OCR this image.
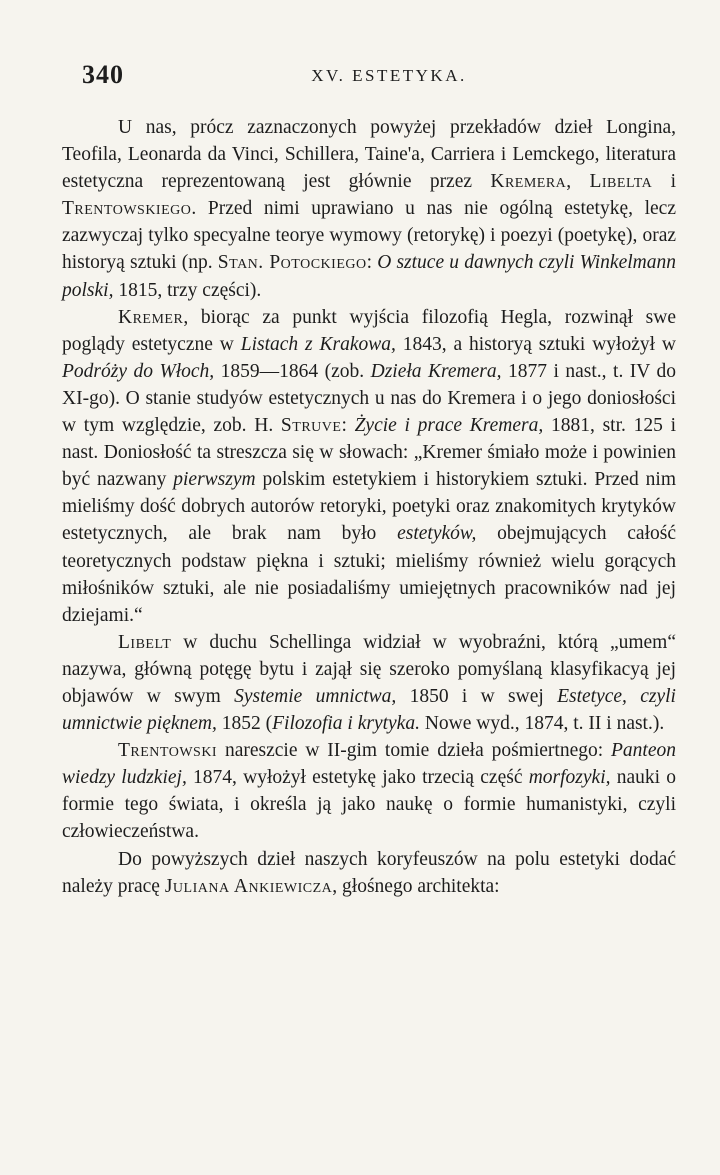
340	XV. ESTETYKA.

U nas, prócz zaznaczonych powyżej przekładów dzieł Longina, Teofila, Leonarda da Vinci, Schillera, Taine'a, Carriera i Lemckego, literatura estetyczna reprezentowaną jest głównie przez Kremera, Libelta i Trentowskiego. Przed nimi uprawiano u nas nie ogólną estetykę, lecz zazwyczaj tylko specyalne teorye wymowy (retorykę) i poezyi (poetykę), oraz historyą sztuki (np. Stan. Potockiego: O sztuce u dawnych czyli Winkelmann polski, 1815, trzy części).

Kremer, biorąc za punkt wyjścia filozofią Hegla, rozwinął swe poglądy estetyczne w Listach z Krakowa, 1843, a historyą sztuki wyłożył w Podróży do Włoch, 1859—1864 (zob. Dzieła Kremera, 1877 i nast., t. IV do XI-go). O stanie studyów estetycznych u nas do Kremera i o jego doniosłości w tym względzie, zob. H. Struve: Życie i prace Kremera, 1881, str. 125 i nast. Doniosłość ta streszcza się w słowach: „Kremer śmiało może i powinien być nazwany pierwszym polskim estetykiem i historykiem sztuki. Przed nim mieliśmy dość dobrych autorów retoryki, poetyki oraz znakomitych krytyków estetycznych, ale brak nam było estetyków, obejmujących całość teoretycznych podstaw piękna i sztuki; mieliśmy również wielu gorących miłośników sztuki, ale nie posiadaliśmy umiejętnych pracowników nad jej dziejami.“

Libelt w duchu Schellinga widział w wyobraźni, którą „umem“ nazywa, główną potęgę bytu i zajął się szeroko pomyślaną klasyfikacyą jej objawów w swym Systemie umnictwa, 1850 i w swej Estetyce, czyli umnictwie pięknem, 1852 (Filozofia i krytyka. Nowe wyd., 1874, t. II i nast.).

Trentowski nareszcie w II-gim tomie dzieła pośmiertnego: Panteon wiedzy ludzkiej, 1874, wyłożył estetykę jako trzecią część morfozyki, nauki o formie tego świata, i określa ją jako naukę o formie humanistyki, czyli człowieczeństwa.

Do powyższych dzieł naszych koryfeuszów na polu estetyki dodać należy pracę Juliana Ankiewicza, głośnego architekta:
